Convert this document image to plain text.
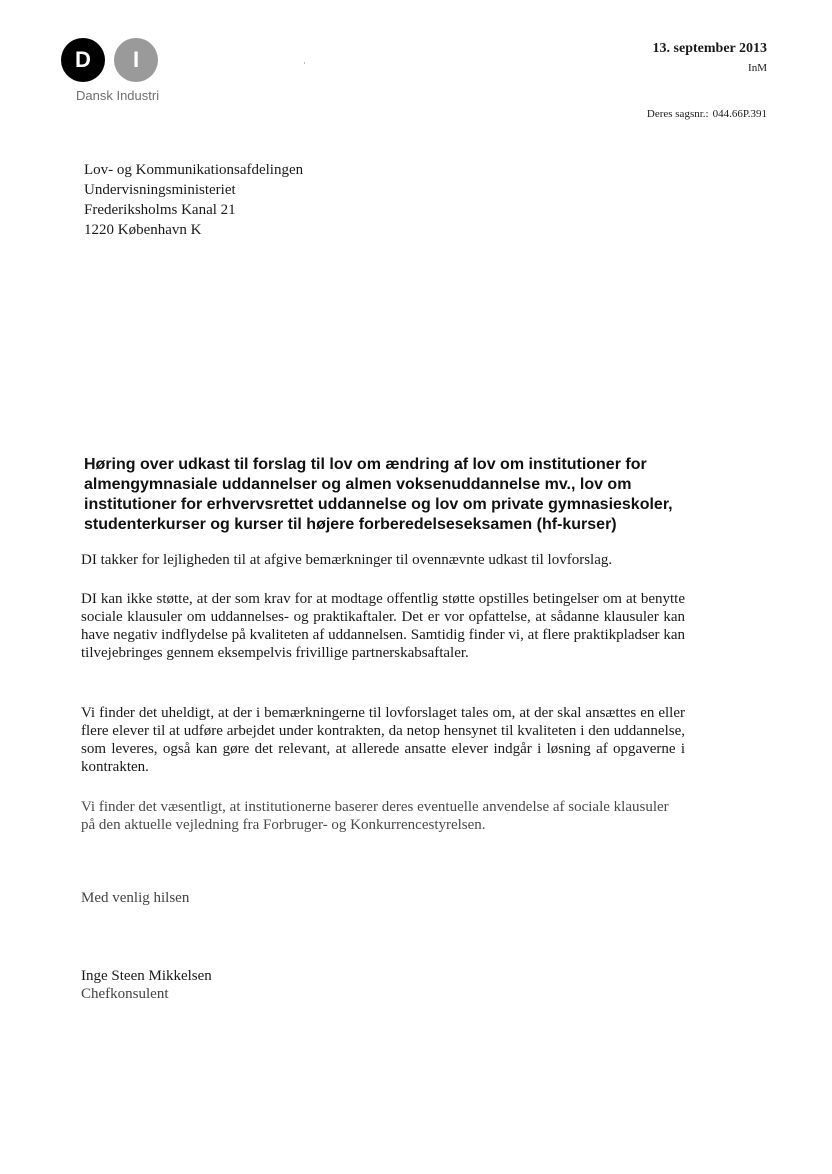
D	I
Dansk Industri
13. september 2013
InM
Deres sagsnr.: 044.66P.391
Lov- og Kommunikationsafdelingen
Undervisningsministeriet
Frederiksholms Kanal 21
1220 København K
Høring over udkast til forslag til lov om ændring af lov om institutioner for almengymnasiale uddannelser og almen voksenuddannelse mv., lov om institutioner for erhvervsrettet uddannelse og lov om private gymnasieskoler, studenterkurser og kurser til højere forberedelseseksamen (hf-kurser)

DI takker for lejligheden til at afgive bemærkninger til ovennævnte udkast til lovforslag.

DI kan ikke støtte, at der som krav for at modtage offentlig støtte opstilles betingelser om at benytte sociale klausuler om uddannelses- og praktikaftaler. Det er vor opfattelse, at sådanne klausuler kan have negativ indflydelse på kvaliteten af uddannelsen. Samtidig finder vi, at flere praktikpladser kan tilvejebringes gennem eksempelvis frivillige partnerskabsaftaler.

Vi finder det uheldigt, at der i bemærkningerne til lovforslaget tales om, at der skal ansættes en eller flere elever til at udføre arbejdet under kontrakten, da netop hensynet til kvaliteten i den uddannelse, som leveres, også kan gøre det relevant, at allerede ansatte elever indgår i løsning af opgaverne i kontrakten.

Vi finder det væsentligt, at institutionerne baserer deres eventuelle anvendelse af sociale klausuler på den aktuelle vejledning fra Forbruger- og Konkurrencestyrelsen.

Med venlig hilsen
Inge Steen Mikkelsen
Chefkonsulent
